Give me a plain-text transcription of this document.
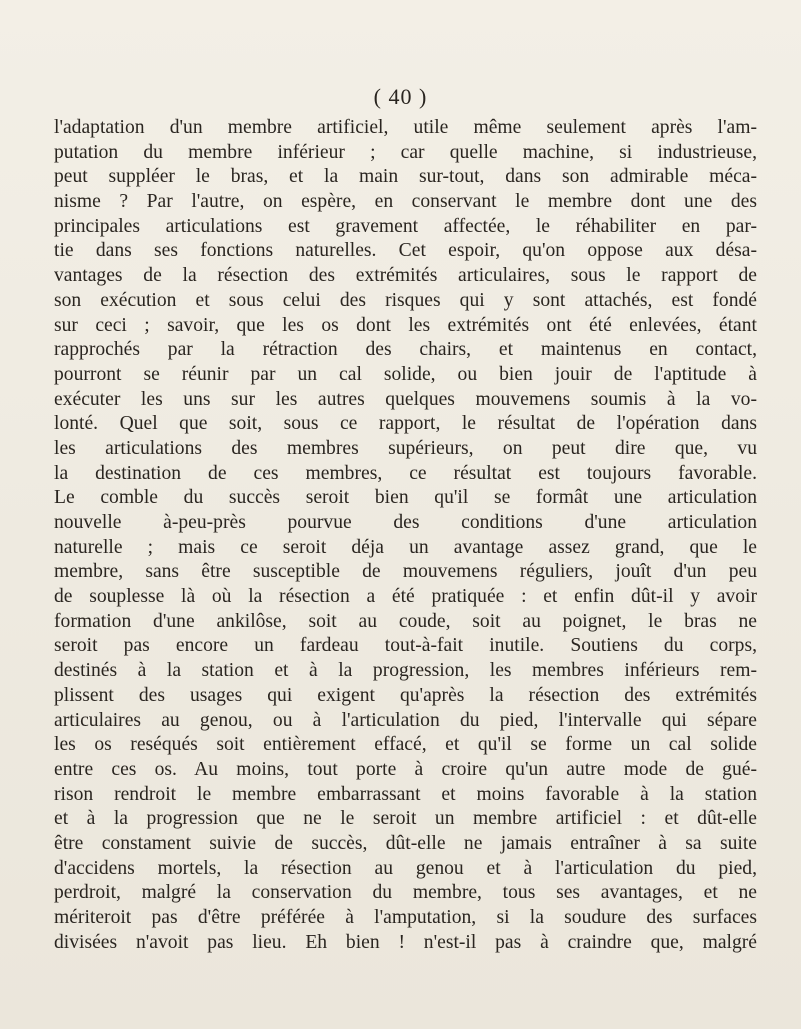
( 40 )
l'adaptation d'un membre artificiel, utile même seulement après l'am-
putation du membre inférieur ; car quelle machine, si industrieuse,
peut suppléer le bras, et la main sur-tout, dans son admirable méca-
nisme ? Par l'autre, on espère, en conservant le membre dont une des
principales articulations est gravement affectée, le réhabiliter en par-
tie dans ses fonctions naturelles. Cet espoir, qu'on oppose aux désa-
vantages de la résection des extrémités articulaires, sous le rapport de
son exécution et sous celui des risques qui y sont attachés, est fondé
sur ceci ; savoir, que les os dont les extrémités ont été enlevées, étant
rapprochés par la rétraction des chairs, et maintenus en contact,
pourront se réunir par un cal solide, ou bien jouir de l'aptitude à
exécuter les uns sur les autres quelques mouvemens soumis à la vo-
lonté. Quel que soit, sous ce rapport, le résultat de l'opération dans
les articulations des membres supérieurs, on peut dire que, vu
la destination de ces membres, ce résultat est toujours favorable.
Le comble du succès seroit bien qu'il se formât une articulation
nouvelle à-peu-près pourvue des conditions d'une articulation
naturelle ; mais ce seroit déja un avantage assez grand, que le
membre, sans être susceptible de mouvemens réguliers, jouît d'un peu
de souplesse là où la résection a été pratiquée : et enfin dût-il y avoir
formation d'une ankilôse, soit au coude, soit au poignet, le bras ne
seroit pas encore un fardeau tout-à-fait inutile. Soutiens du corps,
destinés à la station et à la progression, les membres inférieurs rem-
plissent des usages qui exigent qu'après la résection des extrémités
articulaires au genou, ou à l'articulation du pied, l'intervalle qui sépare
les os reséqués soit entièrement effacé, et qu'il se forme un cal solide
entre ces os. Au moins, tout porte à croire qu'un autre mode de gué-
rison rendroit le membre embarrassant et moins favorable à la station
et à la progression que ne le seroit un membre artificiel : et dût-elle
être constament suivie de succès, dût-elle ne jamais entraîner à sa suite
d'accidens mortels, la résection au genou et à l'articulation du pied,
perdroit, malgré la conservation du membre, tous ses avantages, et ne
mériteroit pas d'être préférée à l'amputation, si la soudure des surfaces
divisées n'avoit pas lieu. Eh bien ! n'est-il pas à craindre que, malgré
